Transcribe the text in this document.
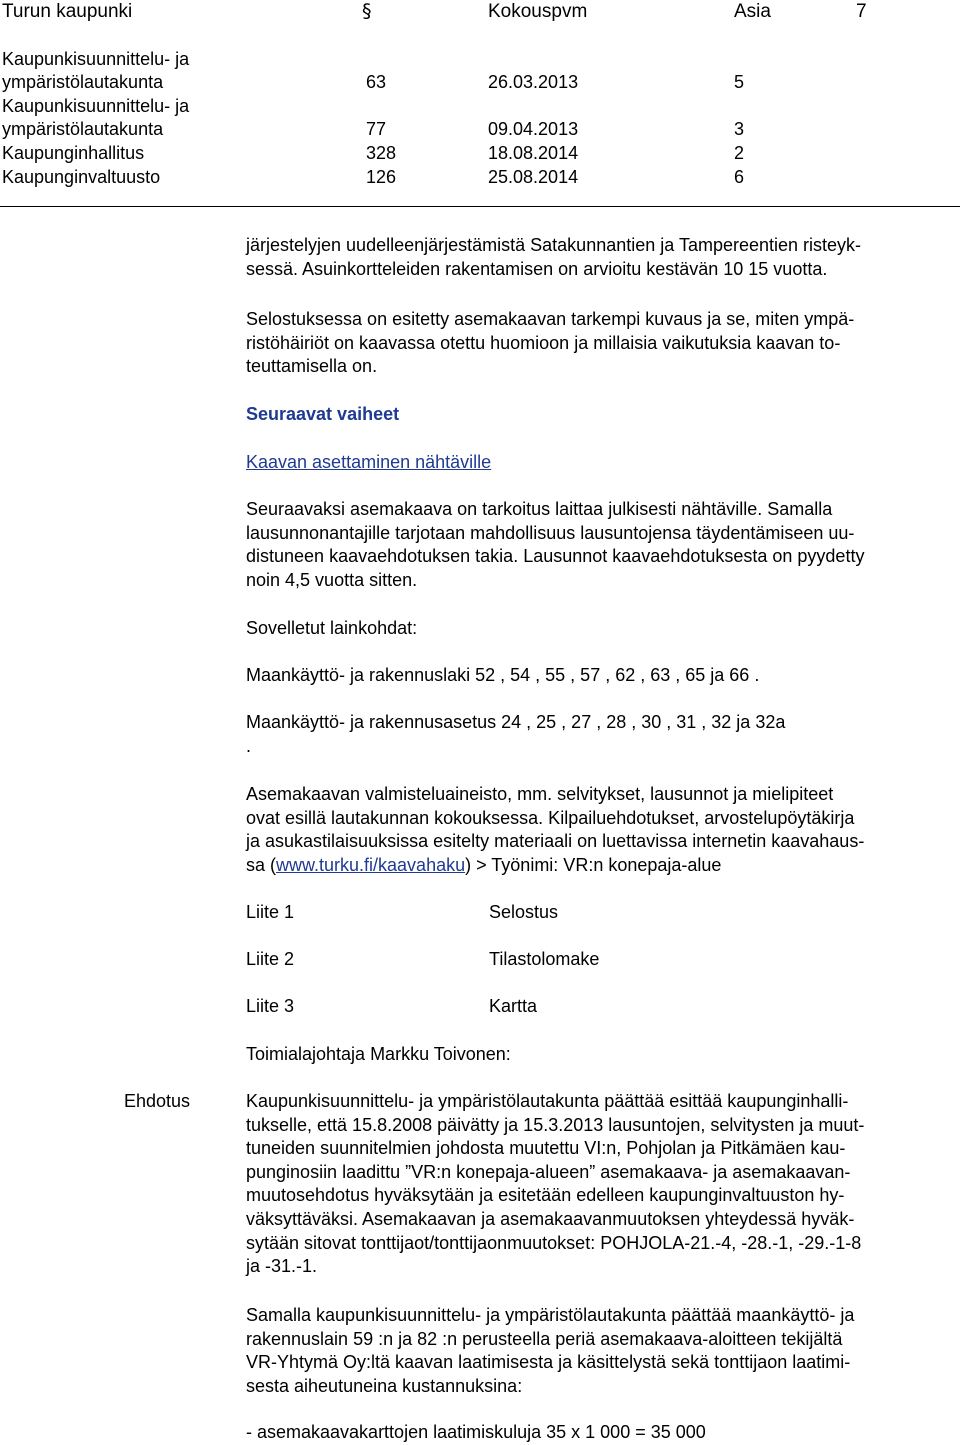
Turun kaupunki	§	Kokouspvm	Asia	7
Kaupunkisuunnittelu- ja
ympäristölautakunta	63	26.03.2013	5
Kaupunkisuunnittelu- ja
ympäristölautakunta	77	09.04.2013	3
Kaupunginhallitus	328	18.08.2014	2
Kaupunginvaltuusto	126	25.08.2014	6
järjestelyjen uudelleenjärjestämistä Satakunnantien ja Tampereentien risteyk-
sessä. Asuinkortteleiden rakentamisen on arvioitu kestävän 10 15 vuotta.
Selostuksessa on esitetty asemakaavan tarkempi kuvaus ja se, miten ympä-
ristöhäiriöt on kaavassa otettu huomioon ja millaisia vaikutuksia kaavan to-
teuttamisella on.
Seuraavat vaiheet
Kaavan asettaminen nähtäville
Seuraavaksi asemakaava on tarkoitus laittaa julkisesti nähtäville. Samalla
lausunnonantajille tarjotaan mahdollisuus lausuntojensa täydentämiseen uu-
distuneen kaavaehdotuksen takia. Lausunnot kaavaehdotuksesta on pyydetty
noin 4,5 vuotta sitten.
Sovelletut lainkohdat:
Maankäyttö- ja rakennuslaki 52 , 54 , 55 , 57 , 62 , 63 , 65 ja 66 .
Maankäyttö- ja rakennusasetus 24 , 25 , 27 , 28 , 30 , 31 , 32 ja 32a
.
Asemakaavan valmisteluaineisto, mm. selvitykset, lausunnot ja mielipiteet
ovat esillä lautakunnan kokouksessa. Kilpailuehdotukset, arvostelupöytäkirja
ja asukastilaisuuksissa esitelty materiaali on luettavissa internetin kaavahaus-
sa (www.turku.fi/kaavahaku) > Työnimi: VR:n konepaja-alue
Liite 1	Selostus
Liite 2	Tilastolomake
Liite 3	Kartta
Toimialajohtaja Markku Toivonen:
Ehdotus	Kaupunkisuunnittelu- ja ympäristölautakunta päättää esittää kaupunginhalli-
tukselle, että 15.8.2008 päivätty ja 15.3.2013 lausuntojen, selvitysten ja muut-
tuneiden suunnitelmien johdosta muutettu VI:n, Pohjolan ja Pitkämäen kau-
punginosiin laadittu ”VR:n konepaja-alueen” asemakaava- ja asemakaavan-
muutosehdotus hyväksytään ja esitetään edelleen kaupunginvaltuuston hy-
väksyttäväksi. Asemakaavan ja asemakaavanmuutoksen yhteydessä hyväk-
sytään sitovat tonttijaot/tonttijaonmuutokset: POHJOLA-21.-4, -28.-1, -29.-1-8
ja -31.-1.
Samalla kaupunkisuunnittelu- ja ympäristölautakunta päättää maankäyttö- ja
rakennuslain 59 :n ja 82 :n perusteella periä asemakaava-aloitteen tekijältä
VR-Yhtymä Oy:ltä kaavan laatimisesta ja käsittelystä sekä tonttijaon laatimi-
sesta aiheutuneina kustannuksina:
- asemakaavakarttojen laatimiskuluja 35 x 1 000 = 35 000
